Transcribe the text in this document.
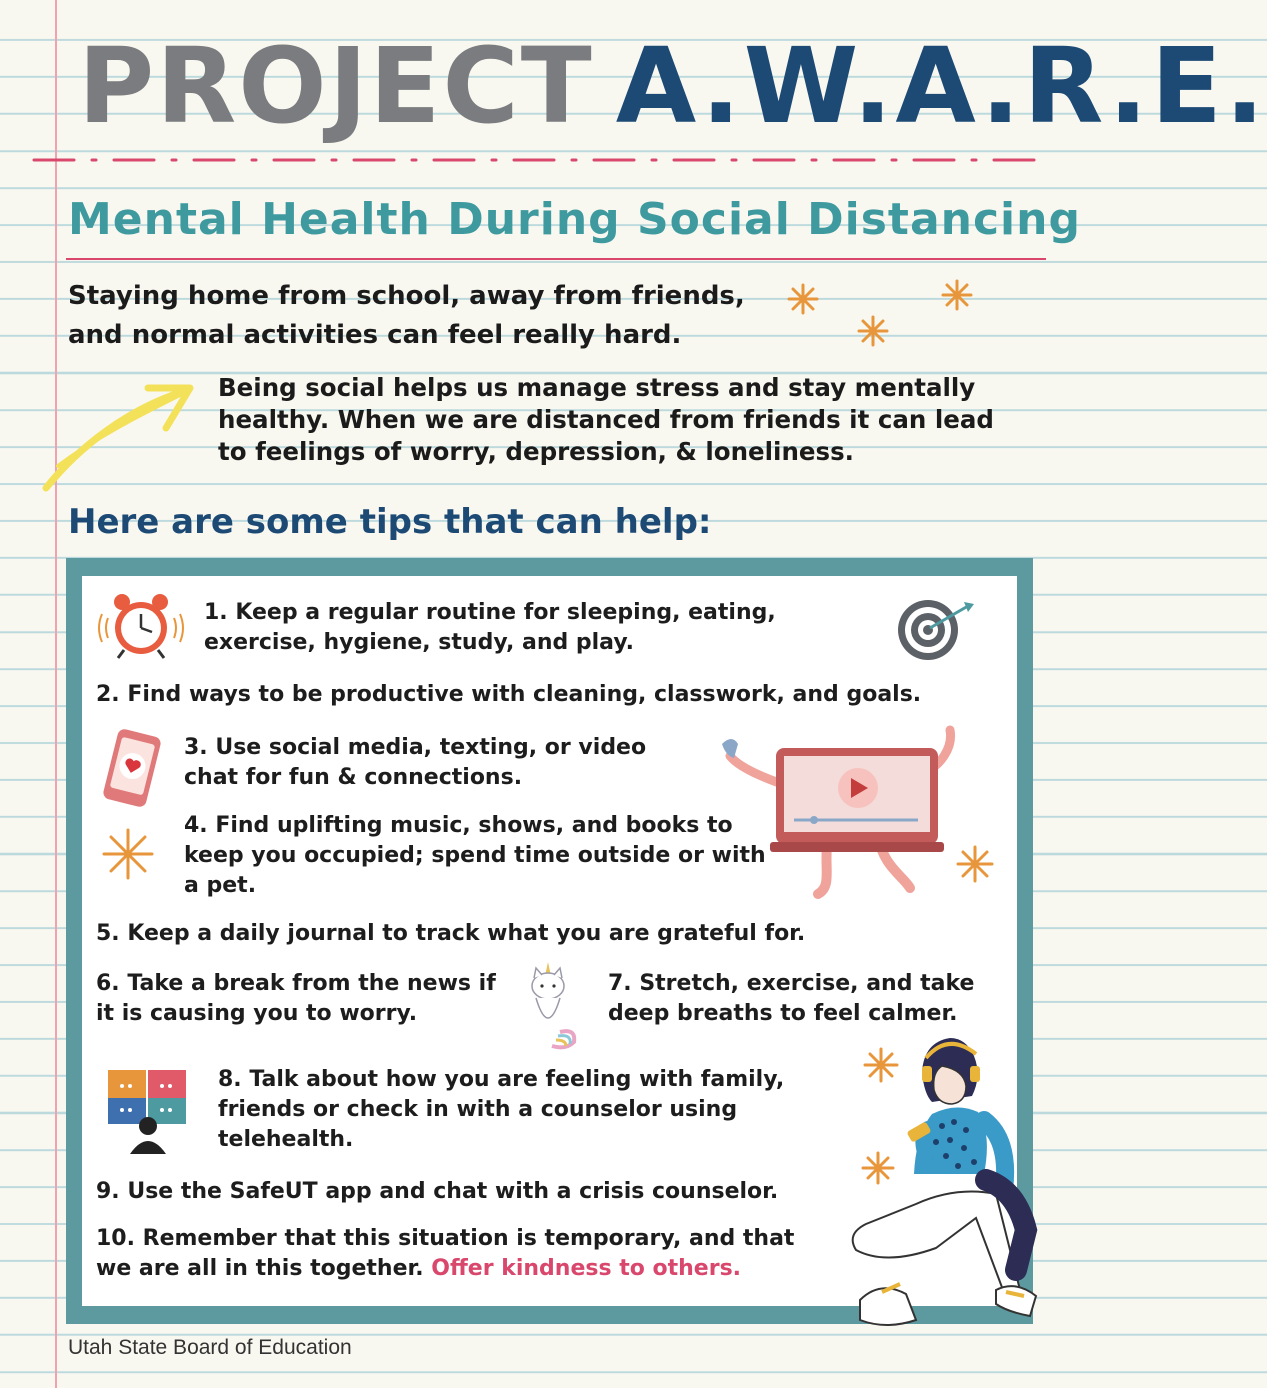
PROJECT A.W.A.R.E.
Mental Health During Social Distancing

Staying home from school, away from friends, and normal activities can feel really hard.

Being social helps us manage stress and stay mentally healthy. When we are distanced from friends it can lead to feelings of worry, depression, & loneliness.

Here are some tips that can help:

1. Keep a regular routine for sleeping, eating, exercise, hygiene, study, and play.

2. Find ways to be productive with cleaning, classwork, and goals.

3. Use social media, texting, or video chat for fun & connections.

4. Find uplifting music, shows, and books to keep you occupied; spend time outside or with a pet.

5. Keep a daily journal to track what you are grateful for.

6. Take a break from the news if it is causing you to worry.

7. Stretch, exercise, and take deep breaths to feel calmer.

8. Talk about how you are feeling with family, friends or check in with a counselor using telehealth.

9. Use the SafeUT app and chat with a crisis counselor.

10. Remember that this situation is temporary, and that we are all in this together. Offer kindness to others.

Utah State Board of Education
